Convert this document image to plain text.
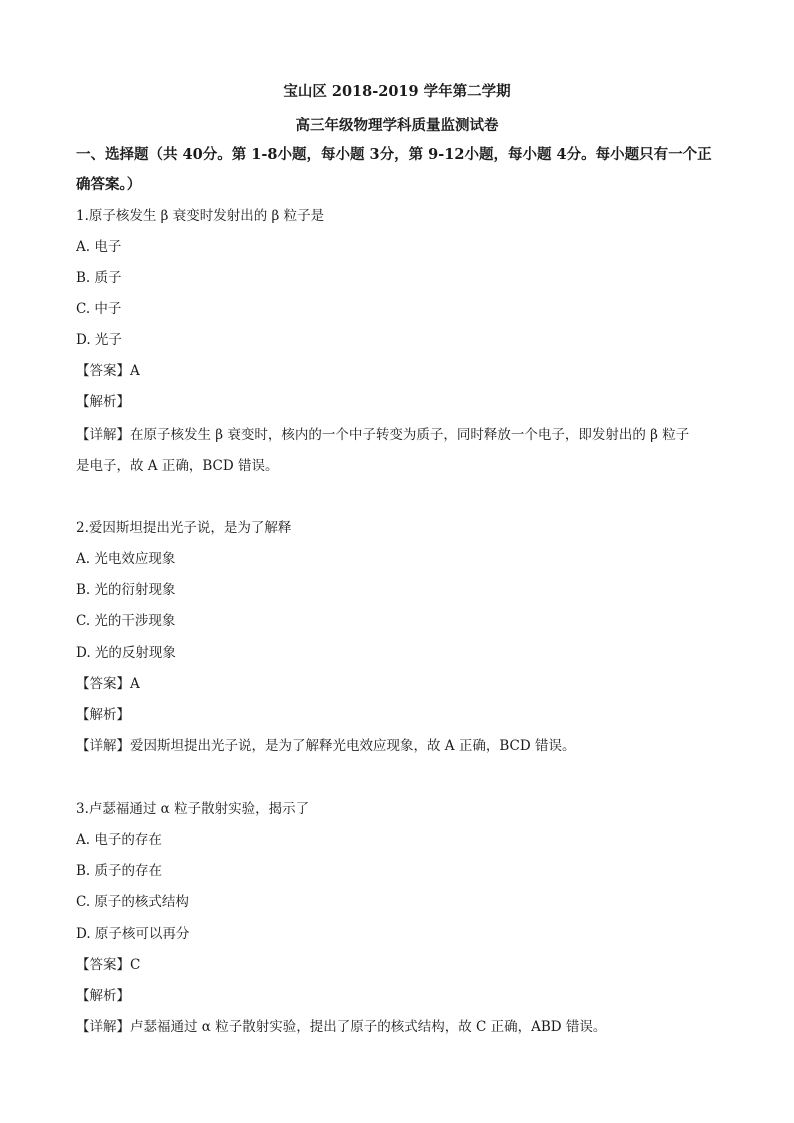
宝山区 2018-2019 学年第二学期
高三年级物理学科质量监测试卷
一、选择题（共 40分。第 1-8小题，每小题 3分，第 9-12小题，每小题 4分。每小题只有一个正确答案。）
1.原子核发生 β 衰变时发射出的 β 粒子是
A. 电子
B. 质子
C. 中子
D. 光子
【答案】A
【解析】
【详解】在原子核发生 β 衰变时，核内的一个中子转变为质子，同时释放一个电子，即发射出的 β 粒子
是电子，故 A 正确，BCD 错误。
2.爱因斯坦提出光子说，是为了解释
A. 光电效应现象
B. 光的衍射现象
C. 光的干涉现象
D. 光的反射现象
【答案】A
【解析】
【详解】爱因斯坦提出光子说，是为了解释光电效应现象，故 A 正确，BCD 错误。
3.卢瑟福通过 α 粒子散射实验，揭示了
A. 电子的存在
B. 质子的存在
C. 原子的核式结构
D. 原子核可以再分
【答案】C
【解析】
【详解】卢瑟福通过 α 粒子散射实验，提出了原子的核式结构，故 C 正确，ABD 错误。
